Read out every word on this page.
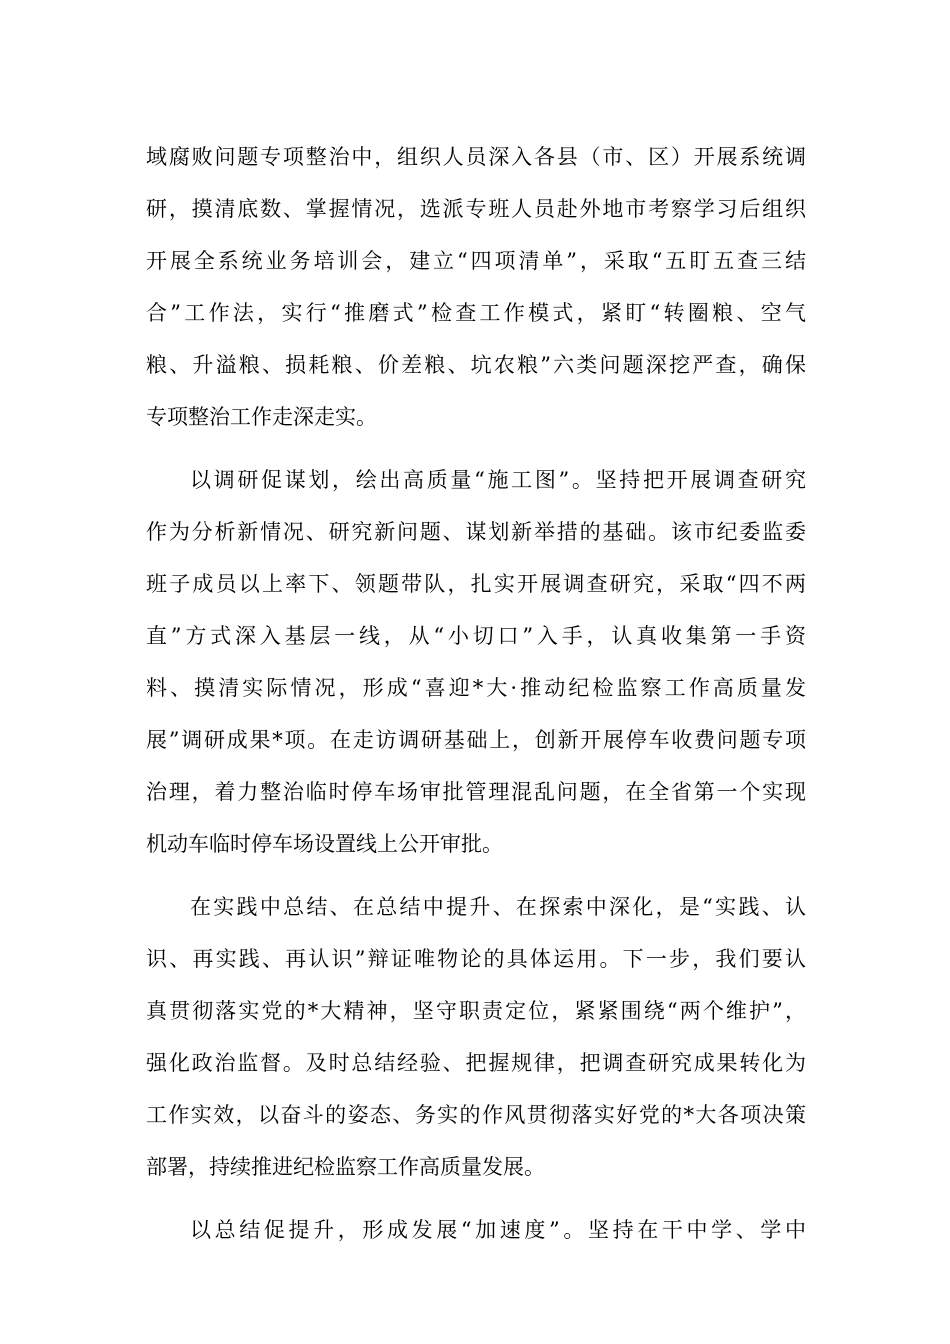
域腐败问题专项整治中，组织人员深入各县（市、区）开展系统调
研，摸清底数、掌握情况，选派专班人员赴外地市考察学习后组织
开展全系统业务培训会，建立“四项清单”，采取“五盯五查三结
合”工作法，实行“推磨式”检查工作模式，紧盯“转圈粮、空气
粮、升溢粮、损耗粮、价差粮、坑农粮”六类问题深挖严查，确保
专项整治工作走深走实。
以调研促谋划，绘出高质量“施工图”。坚持把开展调查研究
作为分析新情况、研究新问题、谋划新举措的基础。该市纪委监委
班子成员以上率下、领题带队，扎实开展调查研究，采取“四不两
直”方式深入基层一线，从“小切口”入手，认真收集第一手资
料、摸清实际情况，形成“喜迎*大·推动纪检监察工作高质量发
展”调研成果*项。在走访调研基础上，创新开展停车收费问题专项
治理，着力整治临时停车场审批管理混乱问题，在全省第一个实现
机动车临时停车场设置线上公开审批。
在实践中总结、在总结中提升、在探索中深化，是“实践、认
识、再实践、再认识”辩证唯物论的具体运用。下一步，我们要认
真贯彻落实党的*大精神，坚守职责定位，紧紧围绕“两个维护”，
强化政治监督。及时总结经验、把握规律，把调查研究成果转化为
工作实效，以奋斗的姿态、务实的作风贯彻落实好党的*大各项决策
部署，持续推进纪检监察工作高质量发展。
以总结促提升，形成发展“加速度”。坚持在干中学、学中
